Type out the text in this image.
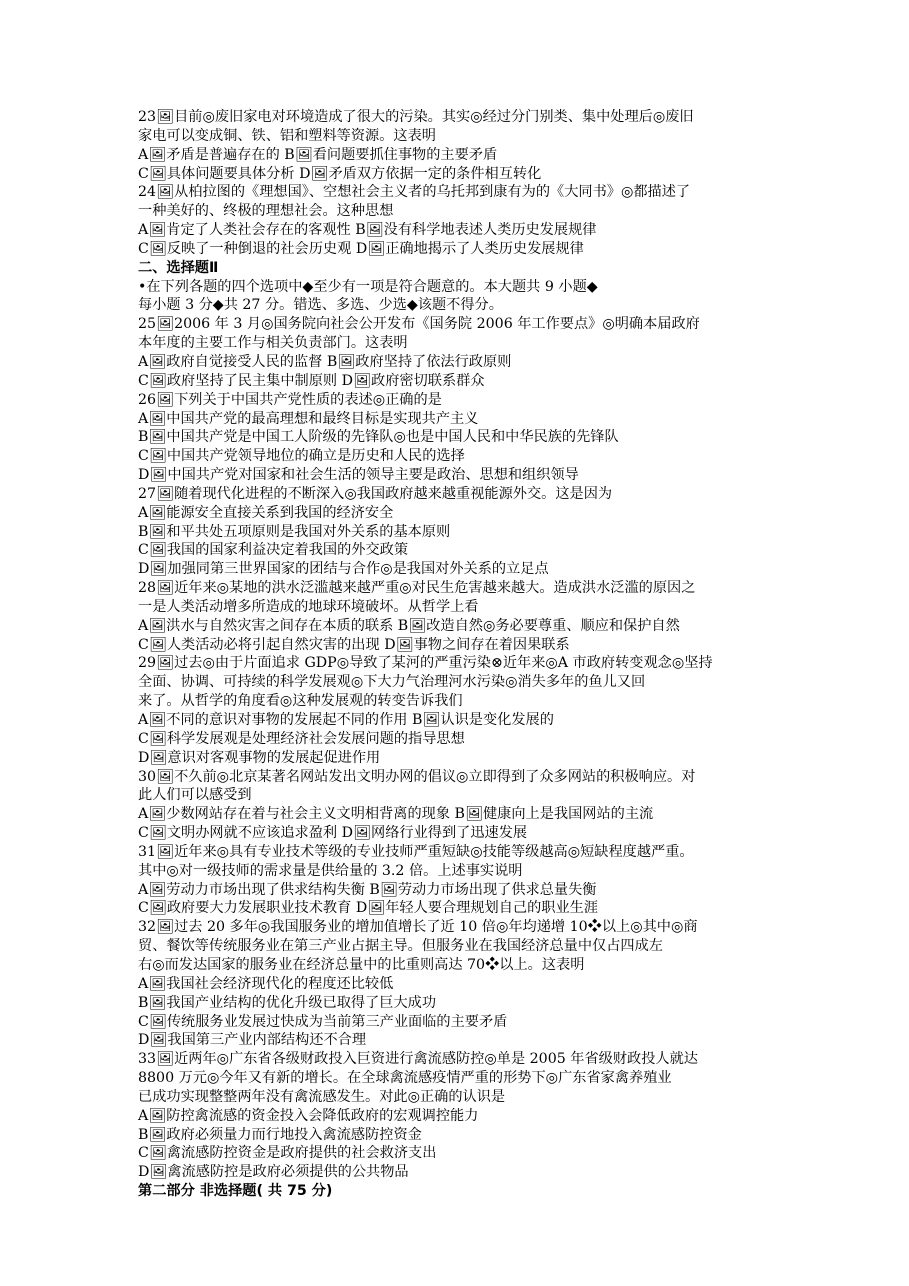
23🖼目前◎废旧家电对环境造成了很大的污染。其实◎经过分门别类、集中处理后◎废旧
家电可以变成铜、铁、铝和塑料等资源。这表明
A🖼矛盾是普遍存在的 B🖼看问题要抓住事物的主要矛盾
C🖼具体问题要具体分析 D🖼矛盾双方依据一定的条件相互转化
24🖼从柏拉图的《理想国》、空想社会主义者的乌托邦到康有为的《大同书》◎都描述了
一种美好的、终极的理想社会。这种思想
A🖼肯定了人类社会存在的客观性 B🖼没有科学地表述人类历史发展规律
C🖼反映了一种倒退的社会历史观 D🖼正确地揭示了人类历史发展规律
二、选择题Ⅱ
•在下列各题的四个选项中◆至少有一项是符合题意的。本大题共 9 小题◆
每小题 3 分◆共 27 分。错选、多选、少选◆该题不得分。
25🖼2006 年 3 月◎国务院向社会公开发布《国务院 2006 年工作要点》◎明确本届政府
本年度的主要工作与相关负责部门。这表明
A🖼政府自觉接受人民的监督 B🖼政府坚持了依法行政原则
C🖼政府坚持了民主集中制原则 D🖼政府密切联系群众
26🖼下列关于中国共产党性质的表述◎正确的是
A🖼中国共产党的最高理想和最终目标是实现共产主义
B🖼中国共产党是中国工人阶级的先锋队◎也是中国人民和中华民族的先锋队
C🖼中国共产党领导地位的确立是历史和人民的选择
D🖼中国共产党对国家和社会生活的领导主要是政治、思想和组织领导
27🖼随着现代化进程的不断深入◎我国政府越来越重视能源外交。这是因为
A🖼能源安全直接关系到我国的经济安全
B🖼和平共处五项原则是我国对外关系的基本原则
C🖼我国的国家利益决定着我国的外交政策
D🖼加强同第三世界国家的团结与合作◎是我国对外关系的立足点
28🖼近年来◎某地的洪水泛滥越来越严重◎对民生危害越来越大。造成洪水泛滥的原因之
一是人类活动增多所造成的地球环境破坏。从哲学上看
A🖼洪水与自然灾害之间存在本质的联系 B🖼改造自然◎务必要尊重、顺应和保护自然
C🖼人类活动必将引起自然灾害的出现 D🖼事物之间存在着因果联系
29🖼过去◎由于片面追求 GDP◎导致了某河的严重污染⊗近年来◎A 市政府转变观念◎坚持
全面、协调、可持续的科学发展观◎下大力气治理河水污染◎消失多年的鱼儿又回
来了。从哲学的角度看◎这种发展观的转变告诉我们
A🖼不同的意识对事物的发展起不同的作用 B🖼认识是变化发展的
C🖼科学发展观是处理经济社会发展问题的指导思想
D🖼意识对客观事物的发展起促进作用
30🖼不久前◎北京某著名网站发出文明办网的倡议◎立即得到了众多网站的积极响应。对
此人们可以感受到
A🖼少数网站存在着与社会主义文明相背离的现象 B🖼健康向上是我国网站的主流
C🖼文明办网就不应该追求盈利 D🖼网络行业得到了迅速发展
31🖼近年来◎具有专业技术等级的专业技师严重短缺◎技能等级越高◎短缺程度越严重。
其中◎对一级技师的需求量是供给量的 3.2 倍。上述事实说明
A🖼劳动力市场出现了供求结构失衡 B🖼劳动力市场出现了供求总量失衡
C🖼政府要大力发展职业技术教育 D🖼年轻人要合理规划自己的职业生涯
32🖼过去 20 多年◎我国服务业的增加值增长了近 10 倍◎年均递增 10❖以上◎其中◎商
贸、餐饮等传统服务业在第三产业占据主导。但服务业在我国经济总量中仅占四成左
右◎而发达国家的服务业在经济总量中的比重则高达 70❖以上。这表明
A🖼我国社会经济现代化的程度还比较低
B🖼我国产业结构的优化升级已取得了巨大成功
C🖼传统服务业发展过快成为当前第三产业面临的主要矛盾
D🖼我国第三产业内部结构还不合理
33🖼近两年◎广东省各级财政投入巨资进行禽流感防控◎单是 2005 年省级财政投人就达
8800 万元◎今年又有新的增长。在全球禽流感疫情严重的形势下◎广东省家禽养殖业
已成功实现整整两年没有禽流感发生。对此◎正确的认识是
A🖼防控禽流感的资金投入会降低政府的宏观调控能力
B🖼政府必须量力而行地投入禽流感防控资金
C🖼禽流感防控资金是政府提供的社会救济支出
D🖼禽流感防控是政府必须提供的公共物品
第二部分 非选择题( 共 75 分)
